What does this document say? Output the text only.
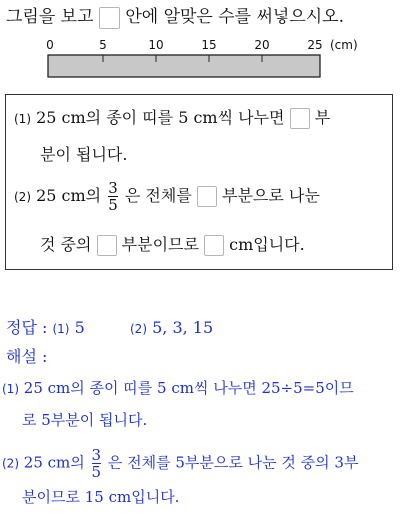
그림을 보고 안에 알맞은 수를 써넣으시오.
0	5	10	15	20	25 (cm)
(1) 25 cm의 종이 띠를 5 cm씩 나누면 부
분이 됩니다.
(2) 25 cm의 $\frac{3}{5}$ 은 전체를 부분으로 나눈
것 중의 부분이므로 cm입니다.
정답 : (1) 5	(2) 5, 3, 15
해설 :
(1) 25 cm의 종이 띠를 5 cm씩 나누면 25÷5=5이므
로 5부분이 됩니다.
(2) 25 cm의 $\frac{3}{5}$ 은 전체를 5부분으로 나눈 것 중의 3부
분이므로 15 cm입니다.
